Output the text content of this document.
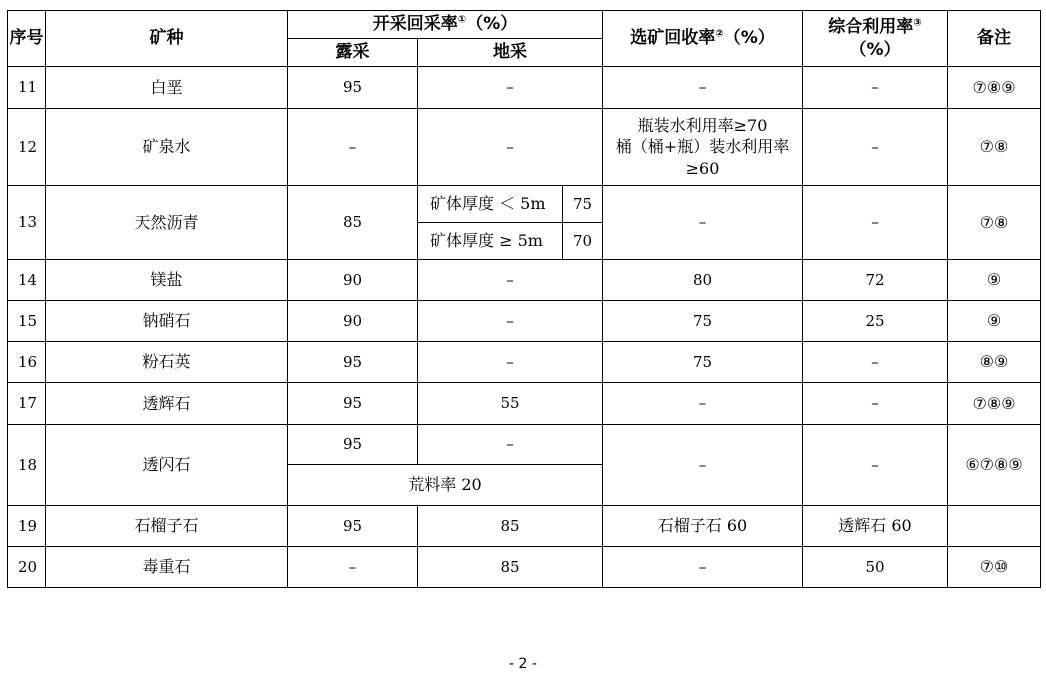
序号	矿种	开采回采率①（%）			选矿回收率②（%）	综合利用率③（%）	备注
		露采	地采				
11	白垩	95	–		–	–	⑦⑧⑨
12	矿泉水	–	–		瓶装水利用率≥70
桶（桶+瓶）装水利用率
≥60	–	⑦⑧
13	天然沥青	85	矿体厚度 ＜ 5m	75	–	–	⑦⑧
			矿体厚度 ≥ 5m	70			
14	镁盐	90	–		80	72	⑨
15	钠硝石	90	–		75	25	⑨
16	粉石英	95	–		75	–	⑧⑨
17	透辉石	95	55		–	–	⑦⑧⑨
18	透闪石	95	–		–	–	⑥⑦⑧⑨
		荒料率 20					
19	石榴子石	95	85		石榴子石 60	透辉石 60	
20	毒重石	–	85		–	50	⑦⑩
- 2 -
